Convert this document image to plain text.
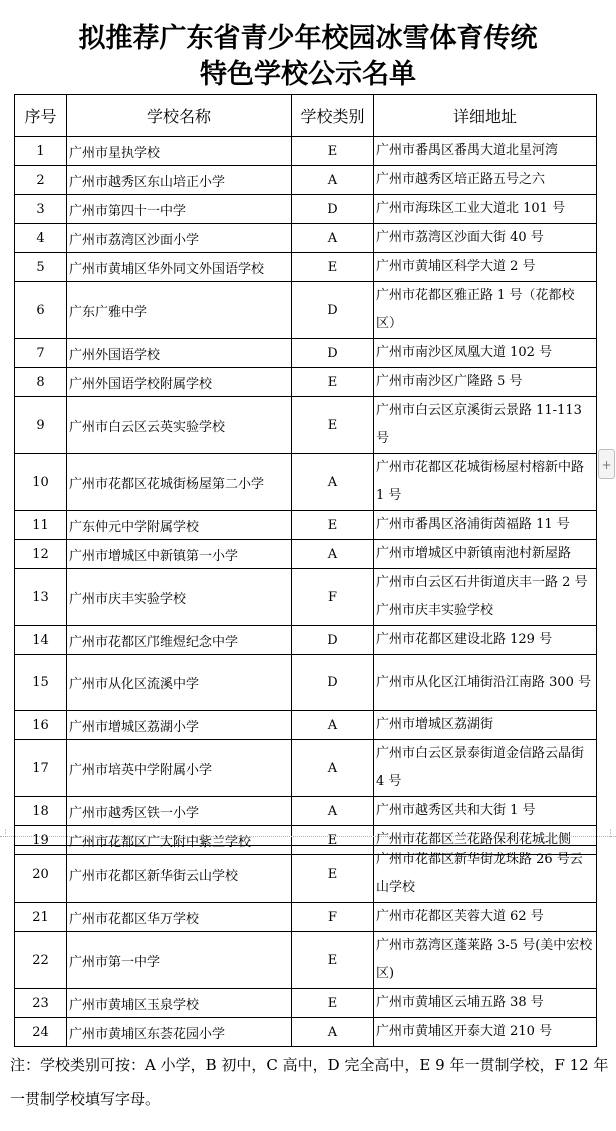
拟推荐广东省青少年校园冰雪体育传统
特色学校公示名单
序号	学校名称	学校类别	详细地址
1	广州市星执学校	E	广州市番禺区番禺大道北星河湾
2	广州市越秀区东山培正小学	A	广州市越秀区培正路五号之六
3	广州市第四十一中学	D	广州市海珠区工业大道北 101 号
4	广州市荔湾区沙面小学	A	广州市荔湾区沙面大街 40 号
5	广州市黄埔区华外同文外国语学校	E	广州市黄埔区科学大道 2 号
6	广东广雅中学	D	广州市花都区雅正路 1 号（花都校区）
7	广州外国语学校	D	广州市南沙区凤凰大道 102 号
8	广州外国语学校附属学校	E	广州市南沙区广隆路 5 号
9	广州市白云区云英实验学校	E	广州市白云区京溪街云景路 11-113 号
10	广州市花都区花城街杨屋第二小学	A	广州市花都区花城街杨屋村榕新中路 1 号
11	广东仲元中学附属学校	E	广州市番禺区洛浦街茵福路 11 号
12	广州市增城区中新镇第一小学	A	广州市增城区中新镇南池村新屋路
13	广州市庆丰实验学校	F	广州市白云区石井街道庆丰一路 2 号广州市庆丰实验学校
14	广州市花都区邝维煜纪念中学	D	广州市花都区建设北路 129 号
15	广州市从化区流溪中学	D	广州市从化区江埔街沿江南路 300 号
16	广州市增城区荔湖小学	A	广州市增城区荔湖街
17	广州市培英中学附属小学	A	广州市白云区景泰街道金信路云晶街 4 号
18	广州市越秀区铁一小学	A	广州市越秀区共和大街 1 号
19	广州市花都区广大附中紫兰学校	E	广州市花都区兰花路保利花城北侧
⋮	⋮
20	广州市花都区新华街云山学校	E	广州市花都区新华街龙珠路 26 号云山学校
21	广州市花都区华万学校	F	广州市花都区芙蓉大道 62 号
22	广州市第一中学	E	广州市荔湾区蓬莱路 3-5 号(美中宏校区)
23	广州市黄埔区玉泉学校	E	广州市黄埔区云埔五路 38 号
24	广州市黄埔区东荟花园小学	A	广州市黄埔区开泰大道 210 号
+
注：学校类别可按：A 小学，B 初中，C 高中，D 完全高中，E 9 年一贯制学校，F 12 年一贯制学校填写字母。
